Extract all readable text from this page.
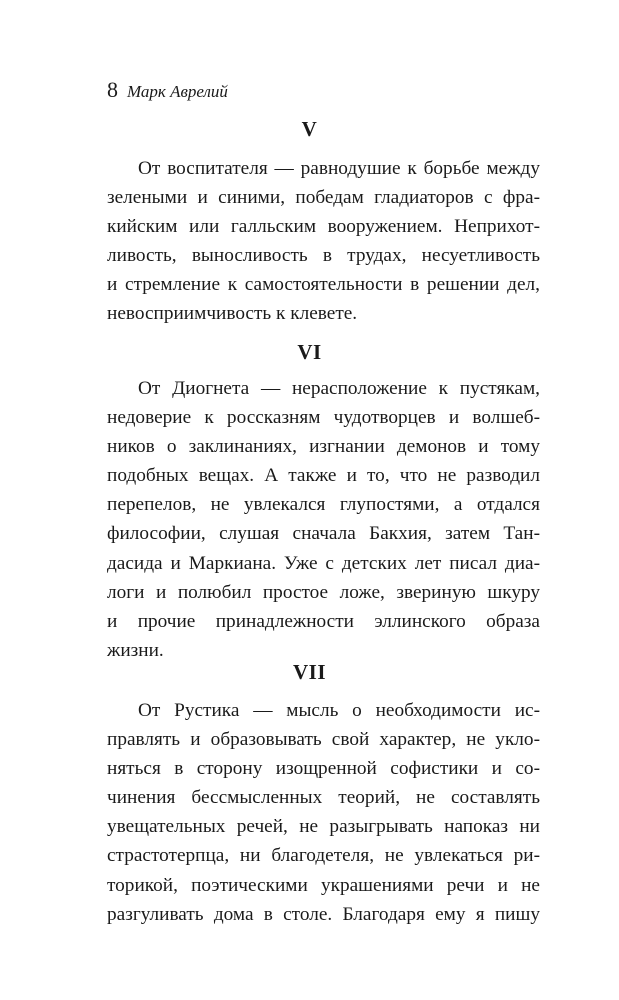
8 Марк Аврелий
V
От воспитателя — равнодушие к борьбе между
зелеными и синими, победам гладиаторов с фра-
кийским или галльским вооружением. Неприхот-
ливость, выносливость в трудах, несуетливость
и стремление к самостоятельности в решении дел,
невосприимчивость к клевете.
VI
От Диогнета — нерасположение к пустякам,
недоверие к россказням чудотворцев и волшеб-
ников о заклинаниях, изгнании демонов и тому
подобных вещах. А также и то, что не разводил
перепелов, не увлекался глупостями, а отдался
философии, слушая сначала Бакхия, затем Тан-
дасида и Маркиана. Уже с детских лет писал диа-
логи и полюбил простое ложе, звериную шкуру
и прочие принадлежности эллинского образа
жизни.
VII
От Рустика — мысль о необходимости ис-
правлять и образовывать свой характер, не укло-
няться в сторону изощренной софистики и со-
чинения бессмысленных теорий, не составлять
увещательных речей, не разыгрывать напоказ ни
страстотерпца, ни благодетеля, не увлекаться ри-
торикой, поэтическими украшениями речи и не
разгуливать дома в столе. Благодаря ему я пишу
